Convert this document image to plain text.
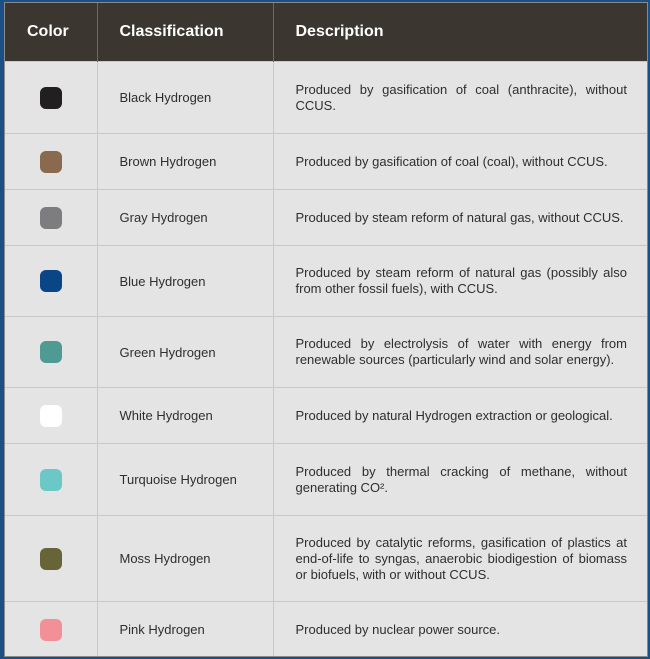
Color	Classification	Description
	Black Hydrogen	Produced by gasification of coal (anthracite), without CCUS.
	Brown Hydrogen	Produced by gasification of coal (coal), without CCUS.
	Gray Hydrogen	Produced by steam reform of natural gas, without CCUS.
	Blue Hydrogen	Produced by steam reform of natural gas (possibly also from other fossil fuels), with CCUS.
	Green Hydrogen	Produced by electrolysis of water with energy from renewable sources (particularly wind and solar energy).
	White Hydrogen	Produced by natural Hydrogen extraction or geological.
	Turquoise Hydrogen	Produced by thermal cracking of methane, without generating CO².
	Moss Hydrogen	Produced by catalytic reforms, gasification of plastics at end-of-life to syngas, anaerobic biodigestion of biomass or biofuels, with or without CCUS.
	Pink Hydrogen	Produced by nuclear power source.
